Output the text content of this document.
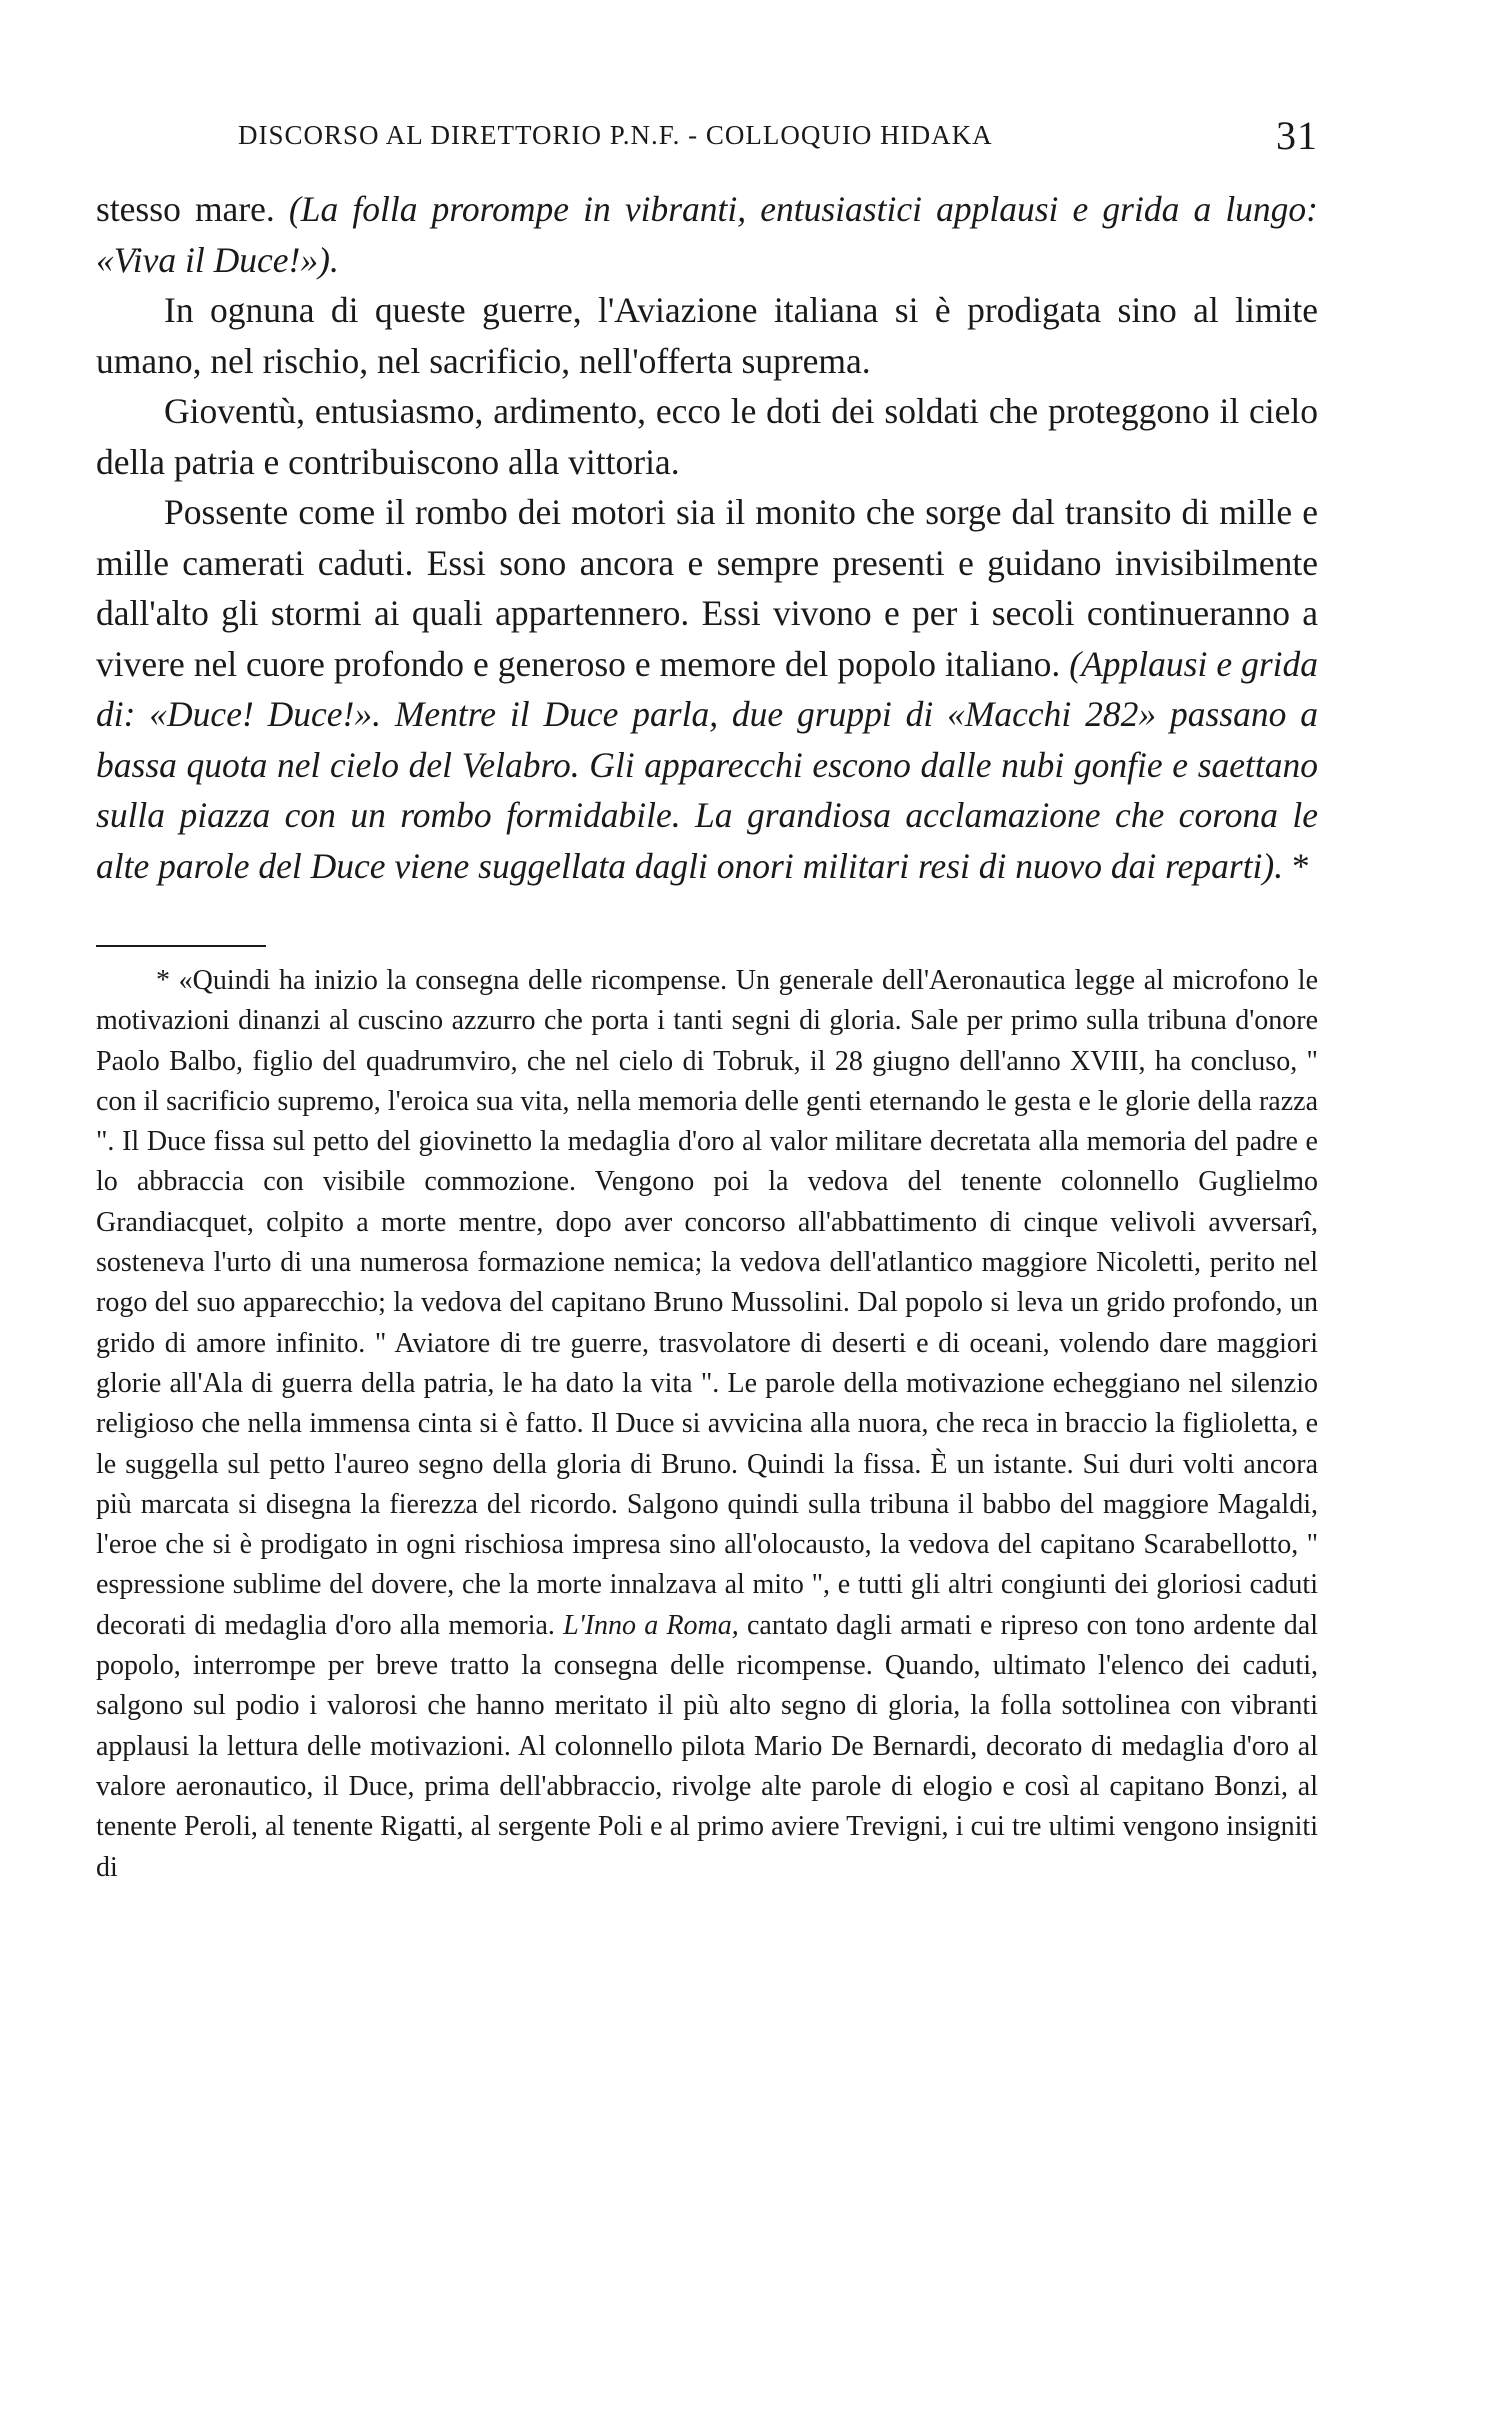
DISCORSO AL DIRETTORIO P.N.F. - COLLOQUIO HIDAKA	31

stesso mare. (La folla prorompe in vibranti, entusiastici applausi e grida a lungo: «Viva il Duce!»).

In ognuna di queste guerre, l'Aviazione italiana si è prodigata sino al limite umano, nel rischio, nel sacrificio, nell'offerta suprema.

Gioventù, entusiasmo, ardimento, ecco le doti dei soldati che proteggono il cielo della patria e contribuiscono alla vittoria.

Possente come il rombo dei motori sia il monito che sorge dal transito di mille e mille camerati caduti. Essi sono ancora e sempre presenti e guidano invisibilmente dall'alto gli stormi ai quali appartennero. Essi vivono e per i secoli continueranno a vivere nel cuore profondo e generoso e memore del popolo italiano. (Applausi e grida di: «Duce! Duce!». Mentre il Duce parla, due gruppi di «Macchi 282» passano a bassa quota nel cielo del Velabro. Gli apparecchi escono dalle nubi gonfie e saettano sulla piazza con un rombo formidabile. La grandiosa acclamazione che corona le alte parole del Duce viene suggellata dagli onori militari resi di nuovo dai reparti). *

* «Quindi ha inizio la consegna delle ricompense. Un generale dell'Aeronautica legge al microfono le motivazioni dinanzi al cuscino azzurro che porta i tanti segni di gloria. Sale per primo sulla tribuna d'onore Paolo Balbo, figlio del quadrumviro, che nel cielo di Tobruk, il 28 giugno dell'anno XVIII, ha concluso, " con il sacrificio supremo, l'eroica sua vita, nella memoria delle genti eternando le gesta e le glorie della razza ". Il Duce fissa sul petto del giovinetto la medaglia d'oro al valor militare decretata alla memoria del padre e lo abbraccia con visibile commozione. Vengono poi la vedova del tenente colonnello Guglielmo Grandiacquet, colpito a morte mentre, dopo aver concorso all'abbattimento di cinque velivoli avversarî, sosteneva l'urto di una numerosa formazione nemica; la vedova dell'atlantico maggiore Nicoletti, perito nel rogo del suo apparecchio; la vedova del capitano Bruno Mussolini. Dal popolo si leva un grido profondo, un grido di amore infinito. " Aviatore di tre guerre, trasvolatore di deserti e di oceani, volendo dare maggiori glorie all'Ala di guerra della patria, le ha dato la vita ". Le parole della motivazione echeggiano nel silenzio religioso che nella immensa cinta si è fatto. Il Duce si avvicina alla nuora, che reca in braccio la figlioletta, e le suggella sul petto l'aureo segno della gloria di Bruno. Quindi la fissa. È un istante. Sui duri volti ancora più marcata si disegna la fierezza del ricordo. Salgono quindi sulla tribuna il babbo del maggiore Magaldi, l'eroe che si è prodigato in ogni rischiosa impresa sino all'olocausto, la vedova del capitano Scarabellotto, " espressione sublime del dovere, che la morte innalzava al mito ", e tutti gli altri congiunti dei gloriosi caduti decorati di medaglia d'oro alla memoria. L'Inno a Roma, cantato dagli armati e ripreso con tono ardente dal popolo, interrompe per breve tratto la consegna delle ricompense. Quando, ultimato l'elenco dei caduti, salgono sul podio i valorosi che hanno meritato il più alto segno di gloria, la folla sottolinea con vibranti applausi la lettura delle motivazioni. Al colonnello pilota Mario De Bernardi, decorato di medaglia d'oro al valore aeronautico, il Duce, prima dell'abbraccio, rivolge alte parole di elogio e così al capitano Bonzi, al tenente Peroli, al tenente Rigatti, al sergente Poli e al primo aviere Trevigni, i cui tre ultimi vengono insigniti di
